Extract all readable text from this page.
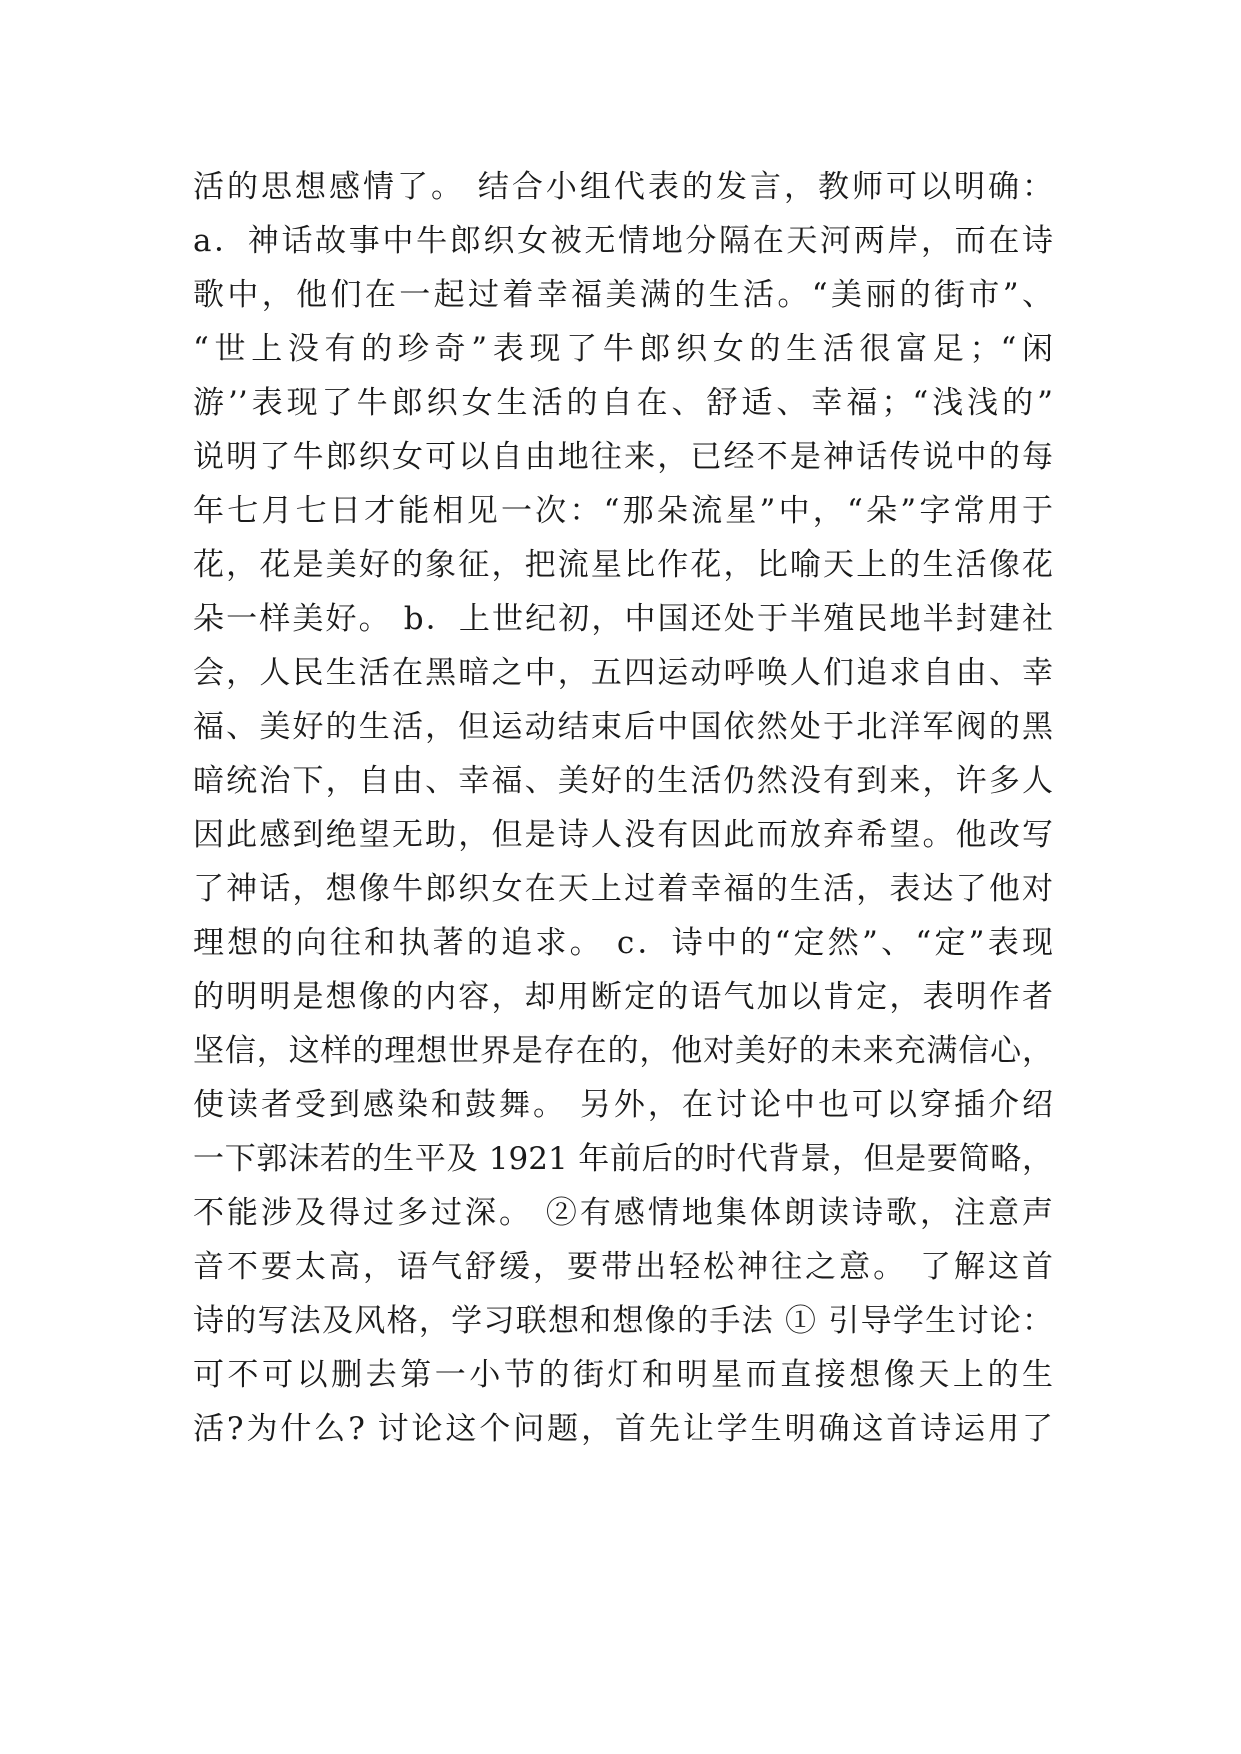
活的思想感情了。 结合小组代表的发言，教师可以明确：
a．神话故事中牛郎织女被无情地分隔在天河两岸，而在诗
歌中，他们在一起过着幸福美满的生活。“美丽的街市”、
“世上没有的珍奇”表现了牛郎织女的生活很富足；“闲
游’’表现了牛郎织女生活的自在、舒适、幸福；“浅浅的”
说明了牛郎织女可以自由地往来，已经不是神话传说中的每
年七月七日才能相见一次：“那朵流星”中，“朵”字常用于
花，花是美好的象征，把流星比作花，比喻天上的生活像花
朵一样美好。 b．上世纪初，中国还处于半殖民地半封建社
会，人民生活在黑暗之中，五四运动呼唤人们追求自由、幸
福、美好的生活，但运动结束后中国依然处于北洋军阀的黑
暗统治下，自由、幸福、美好的生活仍然没有到来，许多人
因此感到绝望无助，但是诗人没有因此而放弃希望。他改写
了神话，想像牛郎织女在天上过着幸福的生活，表达了他对
理想的向往和执著的追求。 c．诗中的“定然”、“定”表现
的明明是想像的内容，却用断定的语气加以肯定，表明作者
坚信，这样的理想世界是存在的，他对美好的未来充满信心，
使读者受到感染和鼓舞。 另外，在讨论中也可以穿插介绍
一下郭沫若的生平及 1921 年前后的时代背景，但是要简略，
不能涉及得过多过深。 ②有感情地集体朗读诗歌，注意声
音不要太高，语气舒缓，要带出轻松神往之意。 了解这首
诗的写法及风格，学习联想和想像的手法 ① 引导学生讨论：
可不可以删去第一小节的街灯和明星而直接想像天上的生
活?为什么? 讨论这个问题，首先让学生明确这首诗运用了
